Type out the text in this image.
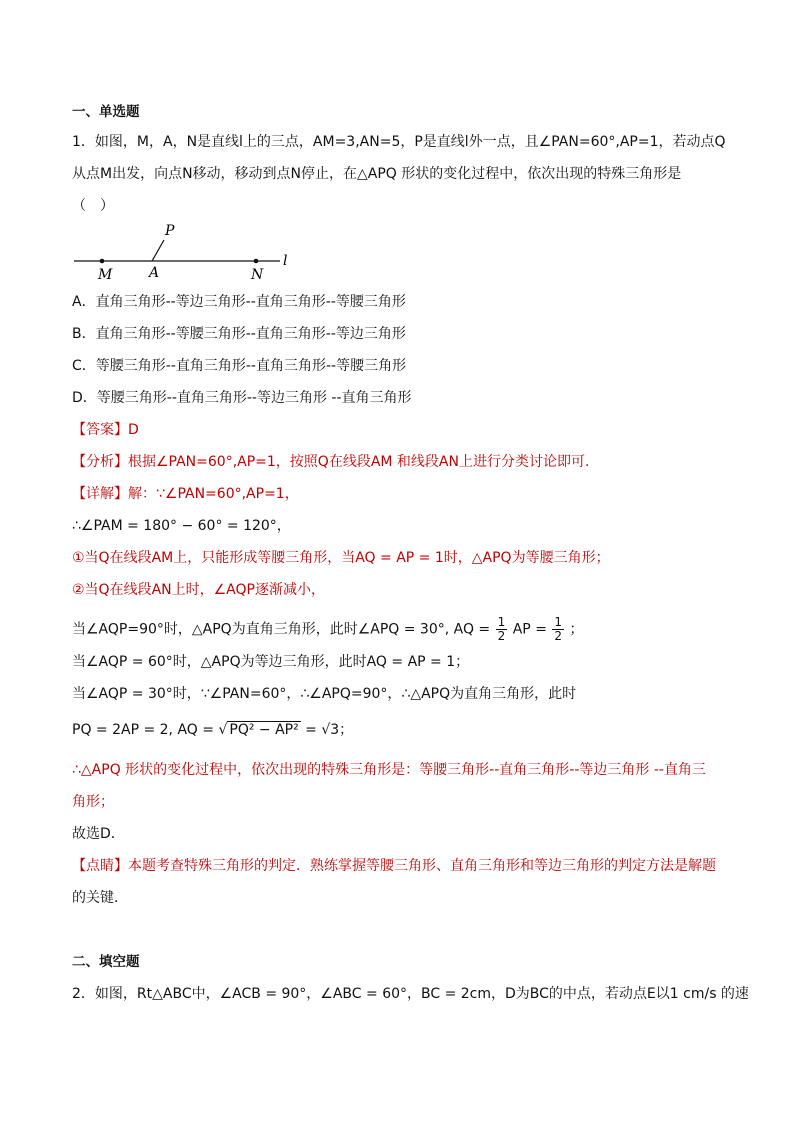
一、单选题
1．如图，M，A，N是直线l上的三点，AM=3,AN=5，P是直线l外一点，且∠PAN=60°,AP=1，若动点Q
从点M出发，向点N移动，移动到点N停止，在△APQ 形状的变化过程中，依次出现的特殊三角形是
（　）
P
M	A	N
l
A．直角三角形--等边三角形--直角三角形--等腰三角形
B．直角三角形--等腰三角形--直角三角形--等边三角形
C．等腰三角形--直角三角形--直角三角形--等腰三角形
D．等腰三角形--直角三角形--等边三角形 --直角三角形
【答案】D
【分析】根据∠PAN=60°,AP=1，按照Q在线段AM 和线段AN上进行分类讨论即可．
【详解】解：∵∠PAN=60°,AP=1，
∴∠PAM = 180° − 60° = 120°，
①当Q在线段AM上，只能形成等腰三角形，当AQ = AP = 1时，△APQ为等腰三角形；
②当Q在线段AN上时，∠AQP逐渐减小，
当∠AQP=90°时，△APQ为直角三角形，此时∠APQ = 30°, AQ = $\frac{1}{2}$ AP = $\frac{1}{2}$ ；
当∠AQP = 60°时，△APQ为等边三角形，此时AQ = AP = 1；
当∠AQP = 30°时，∵∠PAN=60°，∴∠APQ=90°，∴△APQ为直角三角形，此时
PQ = 2AP = 2, AQ = √ PQ² − AP² = √3；
∴△APQ 形状的变化过程中，依次出现的特殊三角形是：等腰三角形--直角三角形--等边三角形 --直角三
角形；
故选D．
【点睛】本题考查特殊三角形的判定．熟练掌握等腰三角形、直角三角形和等边三角形的判定方法是解题
的关键．
二、填空题
2．如图，Rt△ABC中，∠ACB = 90°，∠ABC = 60°，BC = 2cm，D为BC的中点，若动点E以1 cm/s 的速
